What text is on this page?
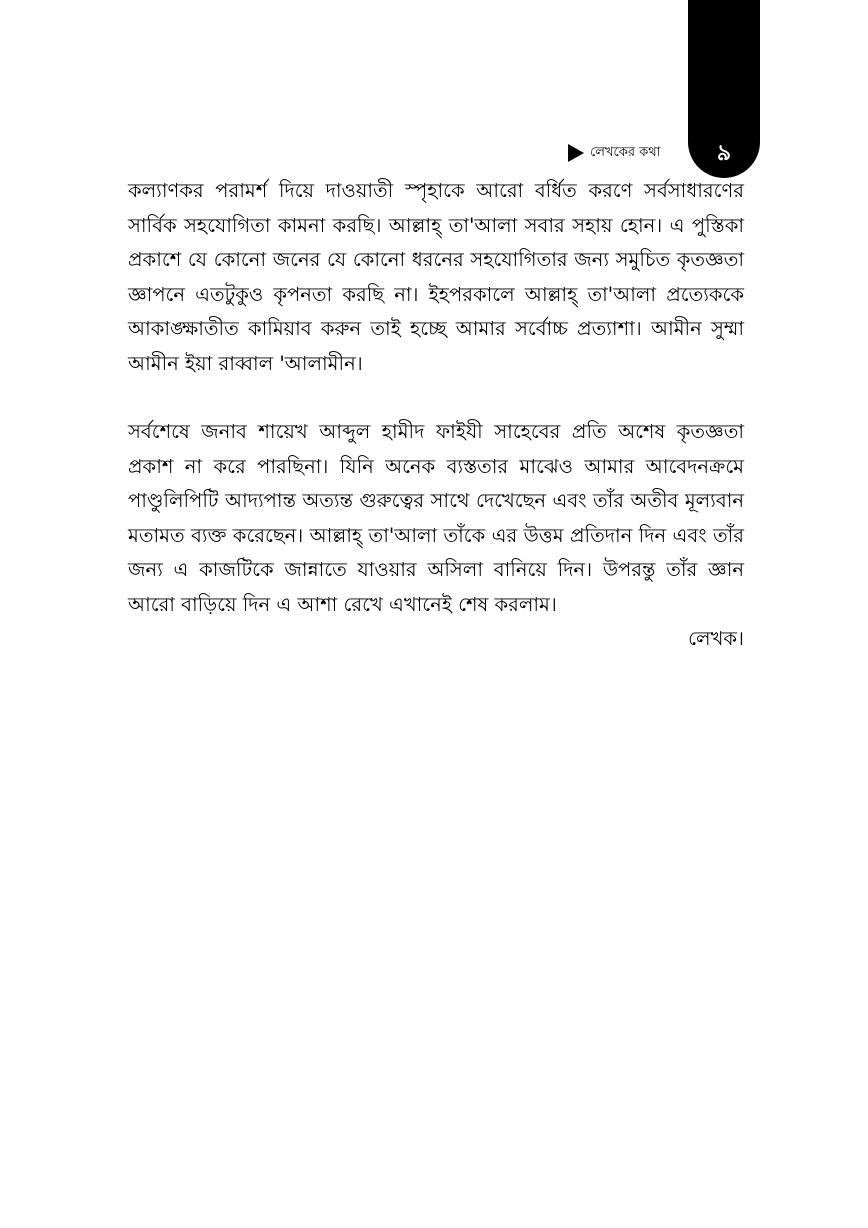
৯
লেখকের কথা

কল্যাণকর পরামর্শ দিয়ে দাওয়াতী স্পৃহাকে আরো বর্ধিত করণে সর্বসাধারণের সার্বিক সহযোগিতা কামনা করছি। আল্লাহ্ তা'আলা সবার সহায় হোন। এ পুস্তিকা প্রকাশে যে কোনো জনের যে কোনো ধরনের সহযোগিতার জন্য সমুচিত কৃতজ্ঞতা জ্ঞাপনে এতটুকুও কৃপনতা করছি না। ইহপরকালে আল্লাহ্ তা'আলা প্রত্যেককে আকাঙ্ক্ষাতীত কামিয়াব করুন তাই হচ্ছে আমার সর্বোচ্চ প্রত্যাশা। আমীন সুম্মা আমীন ইয়া রাব্বাল 'আলামীন।

সর্বশেষে জনাব শায়েখ আব্দুল হামীদ ফাইযী সাহেবের প্রতি অশেষ কৃতজ্ঞতা প্রকাশ না করে পারছিনা। যিনি অনেক ব্যস্ততার মাঝেও আমার আবেদনক্রমে পাণ্ডুলিপিটি আদ্যপান্ত অত্যন্ত গুরুত্বের সাথে দেখেছেন এবং তাঁর অতীব মূল্যবান মতামত ব্যক্ত করেছেন। আল্লাহ্ তা'আলা তাঁকে এর উত্তম প্রতিদান দিন এবং তাঁর জন্য এ কাজটিকে জান্নাতে যাওয়ার অসিলা বানিয়ে দিন। উপরন্তু তাঁর জ্ঞান আরো বাড়িয়ে দিন এ আশা রেখে এখানেই শেষ করলাম।

লেখক।
